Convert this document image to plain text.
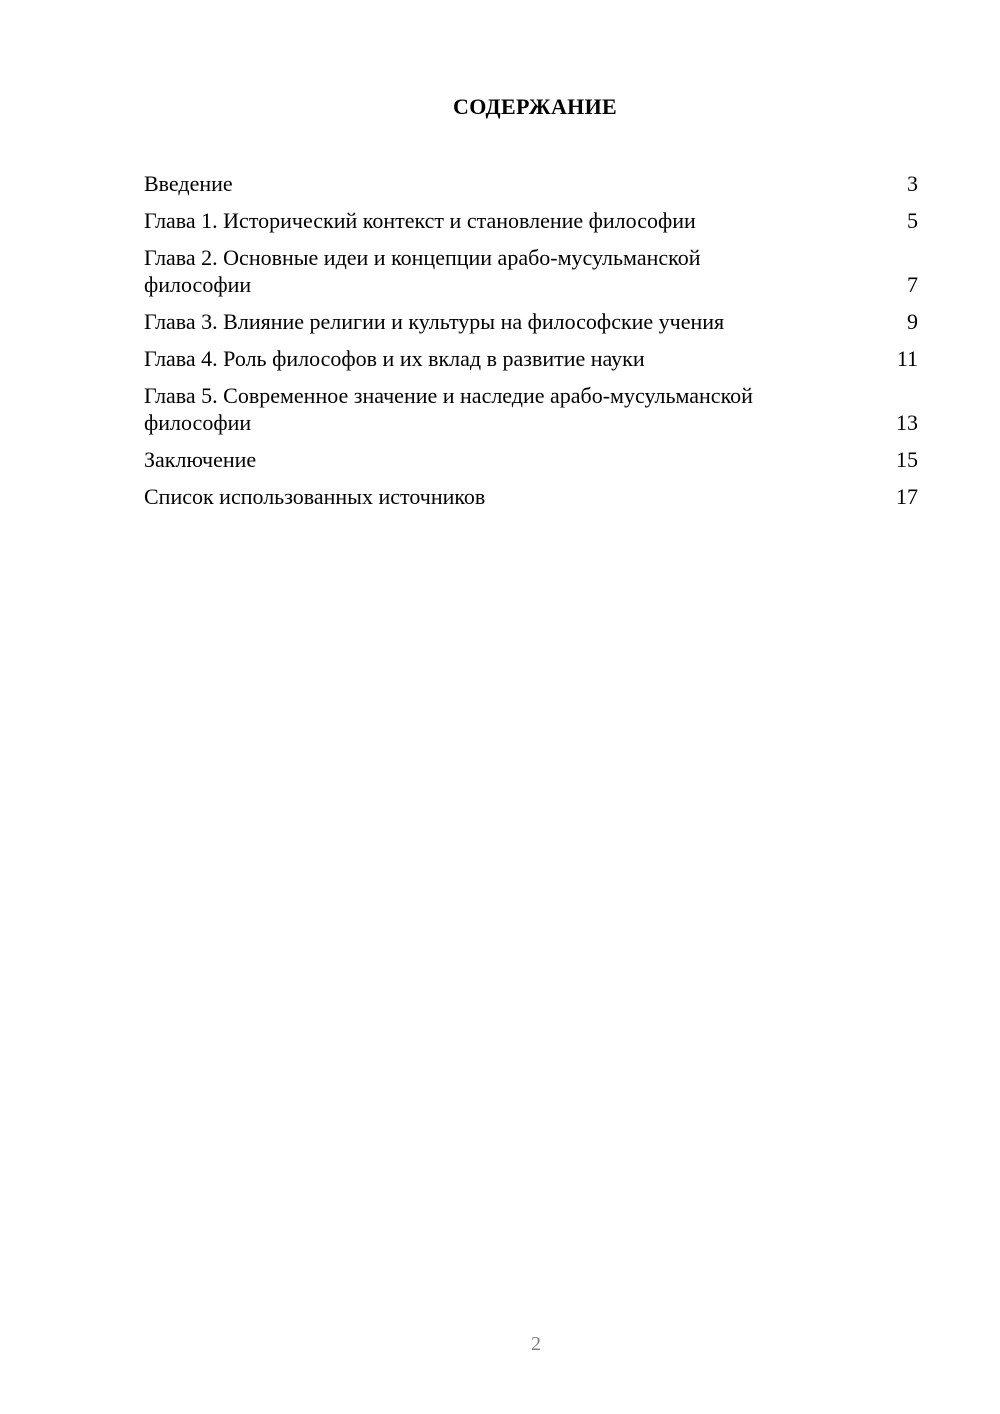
СОДЕРЖАНИЕ
Введение	3
Глава 1. Исторический контекст и становление философии	5
Глава 2. Основные идеи и концепции арабо-мусульманской философии	7
Глава 3. Влияние религии и культуры на философские учения	9
Глава 4. Роль философов и их вклад в развитие науки	11
Глава 5. Современное значение и наследие арабо-мусульманской философии	13
Заключение	15
Список использованных источников	17
2
